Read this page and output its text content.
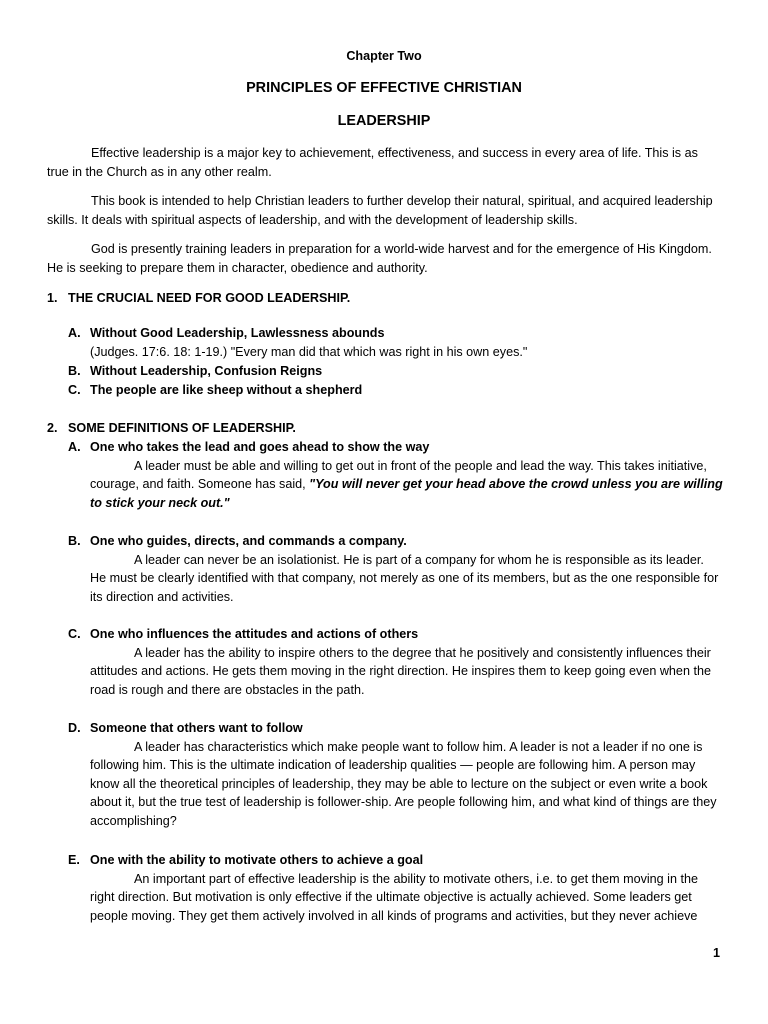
Chapter Two
PRINCIPLES OF EFFECTIVE CHRISTIAN
LEADERSHIP
Effective leadership is a major key to achievement, effectiveness, and success in every area of life. This is as true in the Church as in any other realm.
This book is intended to help Christian leaders to further develop their natural, spiritual, and acquired leadership skills. It deals with spiritual aspects of leadership, and with the development of leadership skills.
God is presently training leaders in preparation for a world-wide harvest and for the emergence of His Kingdom. He is seeking to prepare them in character, obedience and authority.
1. THE CRUCIAL NEED FOR GOOD LEADERSHIP.
A. Without Good Leadership, Lawlessness abounds
(Judges. 17:6. 18: 1-19.) "Every man did that which was right in his own eyes."
B. Without Leadership, Confusion Reigns
C. The people are like sheep without a shepherd
2. SOME DEFINITIONS OF LEADERSHIP.
A. One who takes the lead and goes ahead to show the way
A leader must be able and willing to get out in front of the people and lead the way. This takes initiative, courage, and faith. Someone has said, "You will never get your head above the crowd unless you are willing to stick your neck out."
B. One who guides, directs, and commands a company.
A leader can never be an isolationist. He is part of a company for whom he is responsible as its leader. He must be clearly identified with that company, not merely as one of its members, but as the one responsible for its direction and activities.
C. One who influences the attitudes and actions of others
A leader has the ability to inspire others to the degree that he positively and consistently influences their attitudes and actions. He gets them moving in the right direction. He inspires them to keep going even when the road is rough and there are obstacles in the path.
D. Someone that others want to follow
A leader has characteristics which make people want to follow him. A leader is not a leader if no one is following him. This is the ultimate indication of leadership qualities — people are following him. A person may know all the theoretical principles of leadership, they may be able to lecture on the subject or even write a book about it, but the true test of leadership is follower-ship. Are people following him, and what kind of things are they accomplishing?
E. One with the ability to motivate others to achieve a goal
An important part of effective leadership is the ability to motivate others, i.e. to get them moving in the right direction. But motivation is only effective if the ultimate objective is actually achieved. Some leaders get people moving. They get them actively involved in all kinds of programs and activities, but they never achieve
1
